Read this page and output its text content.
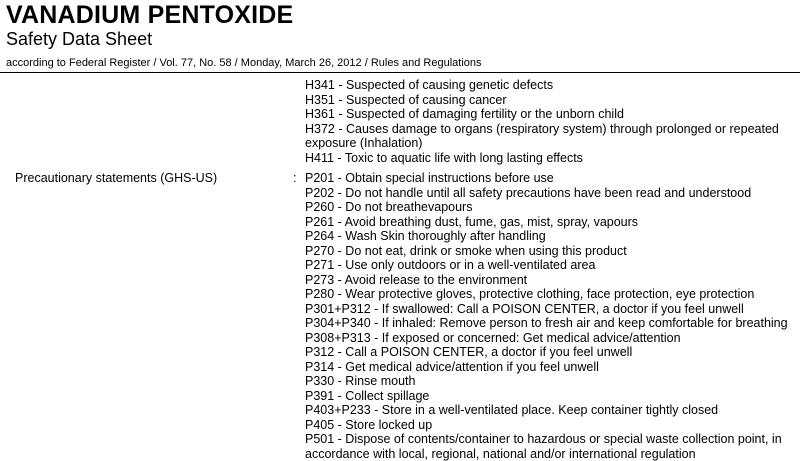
VANADIUM PENTOXIDE
Safety Data Sheet
according to Federal Register / Vol. 77, No. 58 / Monday, March 26, 2012 / Rules and Regulations
H341 - Suspected of causing genetic defects
H351 - Suspected of causing cancer
H361 - Suspected of damaging fertility or the unborn child
H372 - Causes damage to organs (respiratory system) through prolonged or repeated exposure (Inhalation)
H411 - Toxic to aquatic life with long lasting effects
Precautionary statements (GHS-US)	: P201 - Obtain special instructions before use
P202 - Do not handle until all safety precautions have been read and understood
P260 - Do not breathevapours
P261 - Avoid breathing dust, fume, gas, mist, spray, vapours
P264 - Wash Skin thoroughly after handling
P270 - Do not eat, drink or smoke when using this product
P271 - Use only outdoors or in a well-ventilated area
P273 - Avoid release to the environment
P280 - Wear protective gloves, protective clothing, face protection, eye protection
P301+P312 - If swallowed: Call a POISON CENTER, a doctor if you feel unwell
P304+P340 - If inhaled: Remove person to fresh air and keep comfortable for breathing
P308+P313 - If exposed or concerned: Get medical advice/attention
P312 - Call a POISON CENTER, a doctor if you feel unwell
P314 - Get medical advice/attention if you feel unwell
P330 - Rinse mouth
P391 - Collect spillage
P403+P233 - Store in a well-ventilated place. Keep container tightly closed
P405 - Store locked up
P501 - Dispose of contents/container to hazardous or special waste collection point, in accordance with local, regional, national and/or international regulation
